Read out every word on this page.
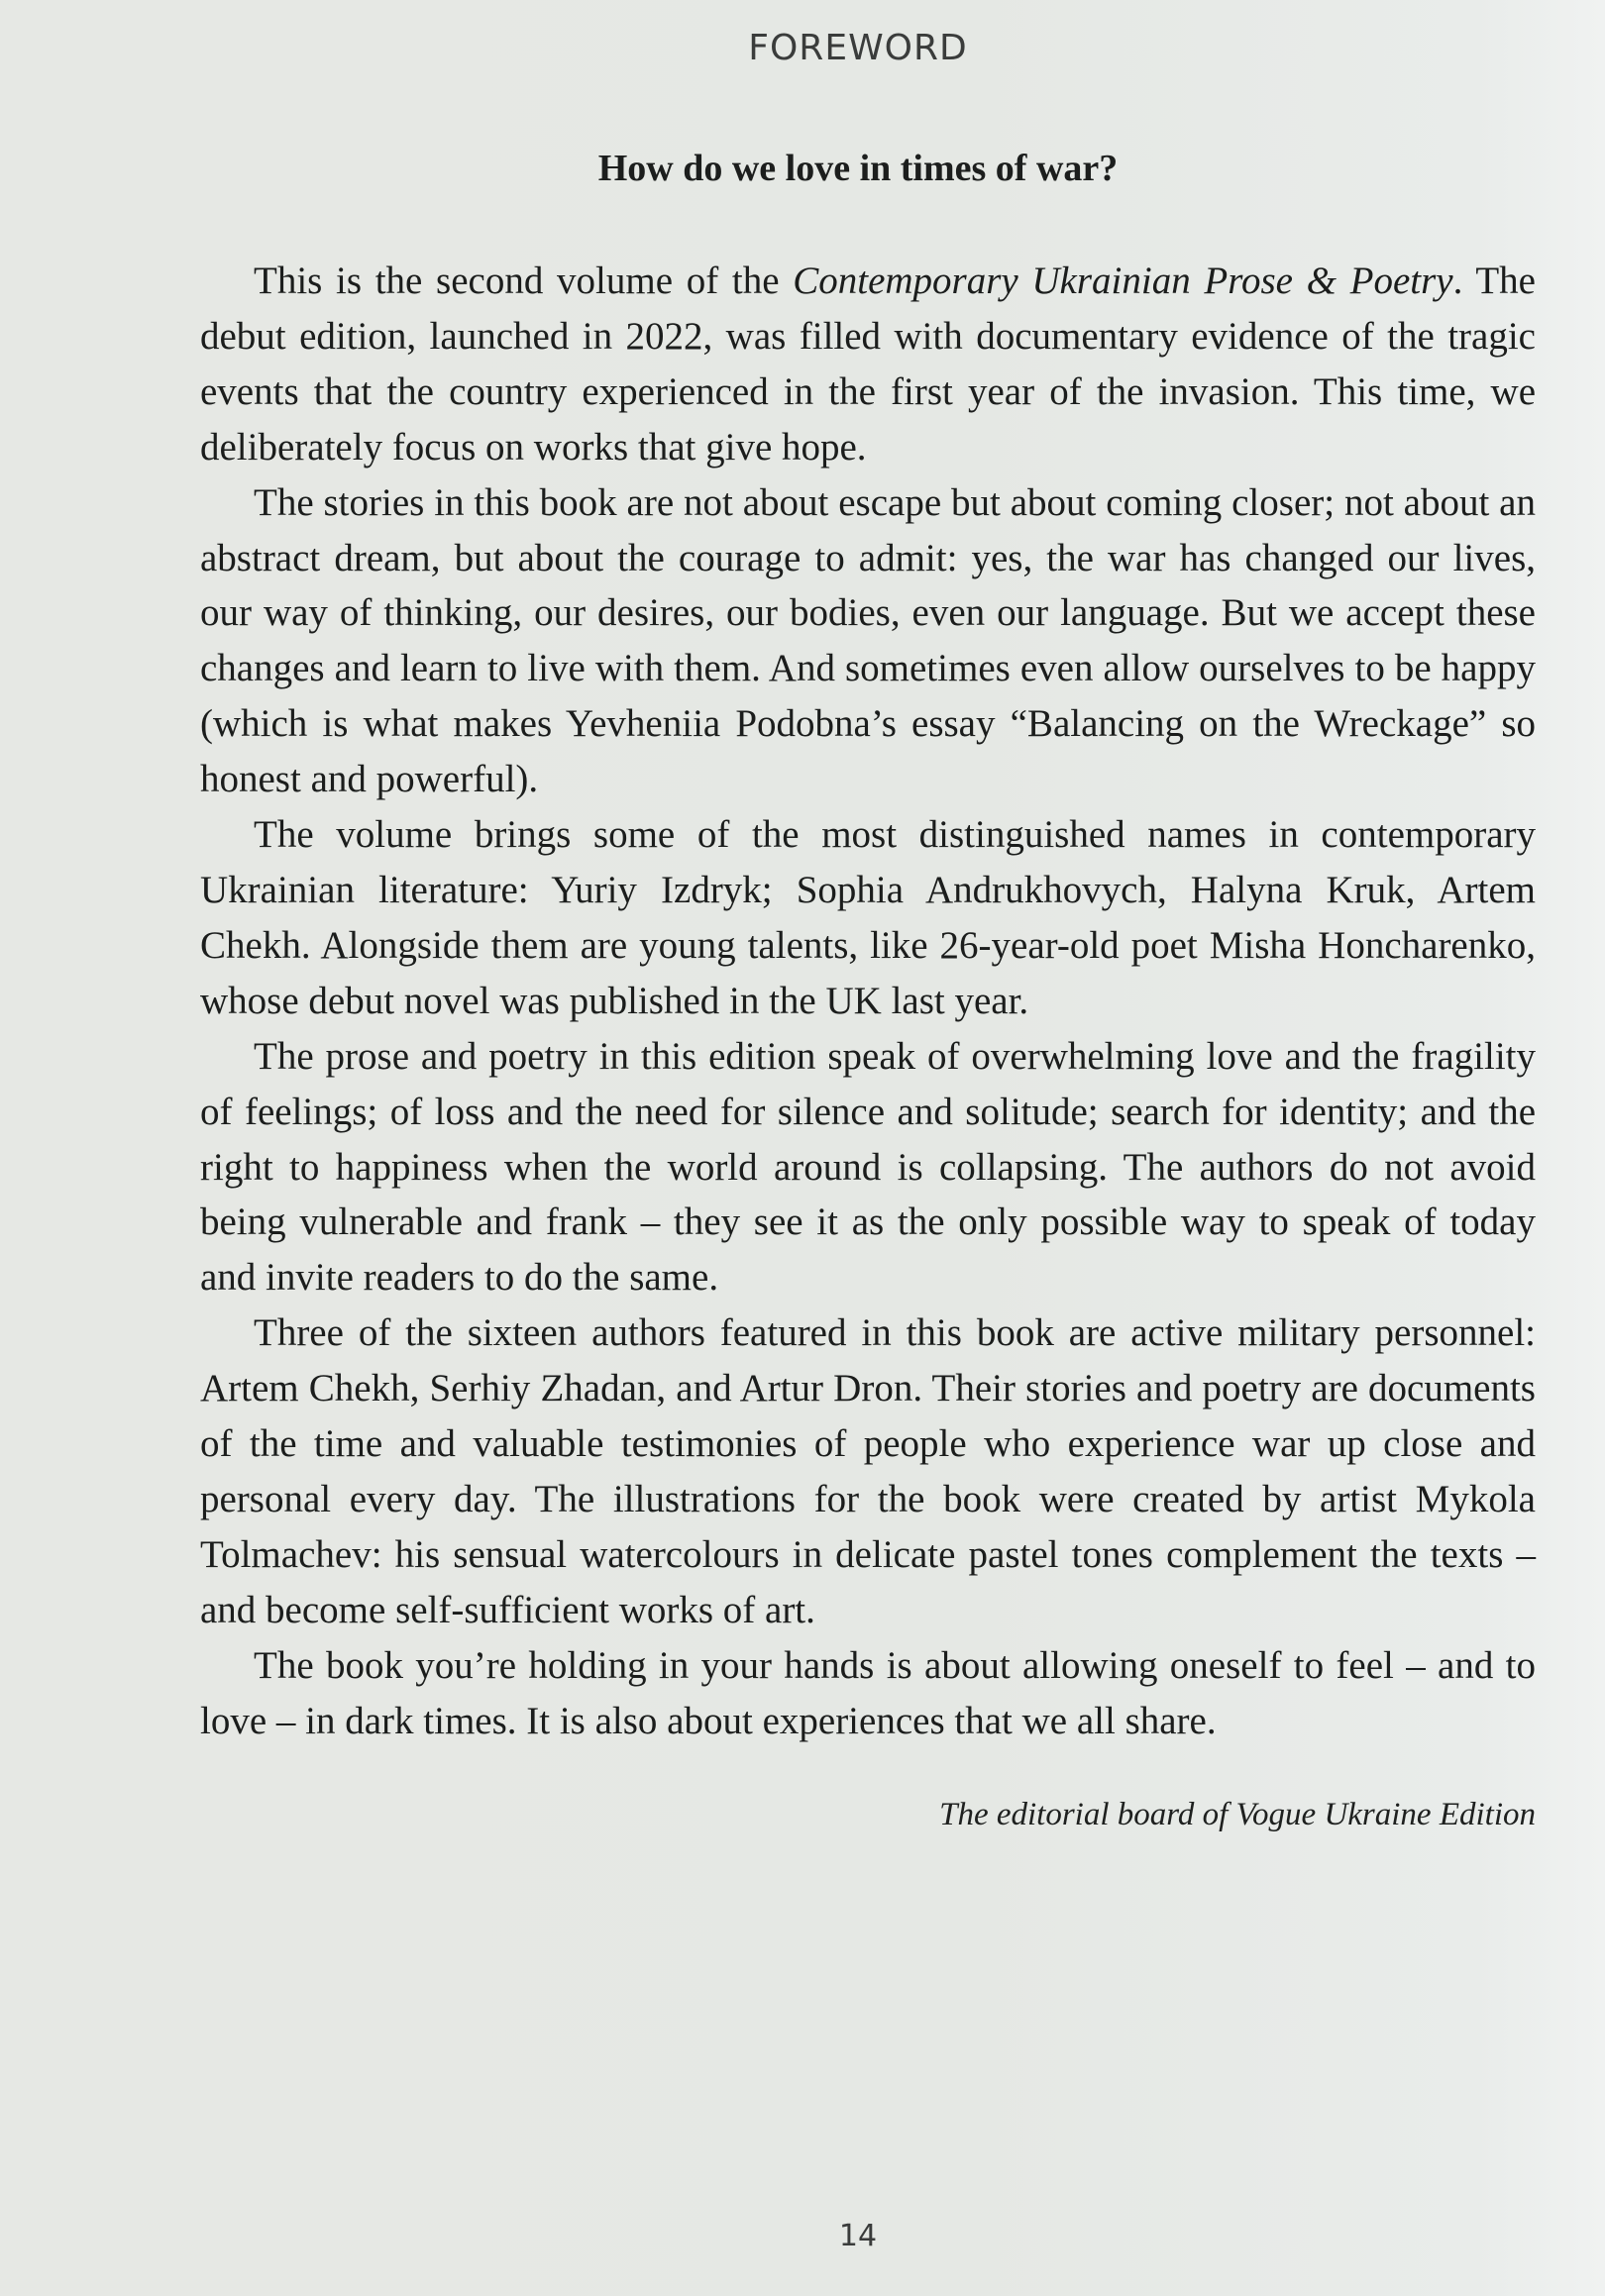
FOREWORD
How do we love in times of war?

This is the second volume of the Contemporary Ukrainian Prose & Poetry. The debut edition, launched in 2022, was filled with documentary evidence of the tragic events that the country experienced in the first year of the invasion. This time, we deliberately focus on works that give hope.

The stories in this book are not about escape but about coming closer; not about an abstract dream, but about the courage to admit: yes, the war has changed our lives, our way of thinking, our desires, our bodies, even our language. But we accept these changes and learn to live with them. And sometimes even allow ourselves to be happy (which is what makes Yevheniia Podobna’s essay “Balancing on the Wreckage” so honest and powerful).

The volume brings some of the most distinguished names in contemporary Ukrainian literature: Yuriy Izdryk; Sophia Andrukhovych, Halyna Kruk, Artem Chekh. Alongside them are young talents, like 26-year-old poet Misha Honcharenko, whose debut novel was published in the UK last year.

The prose and poetry in this edition speak of overwhelming love and the fragility of feelings; of loss and the need for silence and solitude; search for identity; and the right to happiness when the world around is collapsing. The authors do not avoid being vulnerable and frank – they see it as the only possible way to speak of today and invite readers to do the same.

Three of the sixteen authors featured in this book are active military personnel: Artem Chekh, Serhiy Zhadan, and Artur Dron. Their stories and poetry are documents of the time and valuable testimonies of people who experience war up close and personal every day. The illustrations for the book were created by artist Mykola Tolmachev: his sensual watercolours in delicate pastel tones complement the texts – and become self-sufficient works of art.

The book you’re holding in your hands is about allowing oneself to feel – and to love – in dark times. It is also about experiences that we all share.

The editorial board of Vogue Ukraine Edition
14
